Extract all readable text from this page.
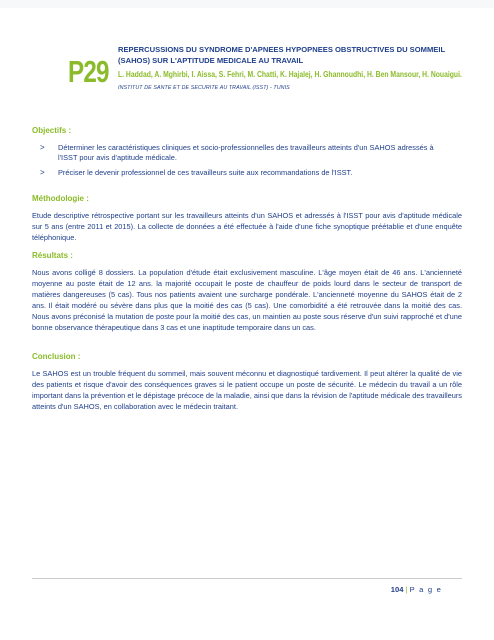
P29
REPERCUSSIONS DU SYNDROME D'APNEES HYPOPNEES OBSTRUCTIVES DU SOMMEIL
(SAHOS) SUR L'APTITUDE MEDICALE AU TRAVAIL
L. Haddad, A. Mghirbi, I. Aissa, S. Fehri, M. Chatti, K. Hajalej, H. Ghannoudhi, H. Ben Mansour, H. Nouaigui.
INSTITUT DE SANTE ET DE SECURITE AU TRAVAIL (ISST) - TUNIS
Objectifs :
> Déterminer les caractéristiques cliniques et socio-professionnelles des travailleurs atteints d'un SAHOS adressés à l'ISST pour avis d'aptitude médicale.
> Préciser le devenir professionnel de ces travailleurs suite aux recommandations de l'ISST.
Méthodologie :
Etude descriptive rétrospective portant sur les travailleurs atteints d'un SAHOS et adressés à l'ISST pour avis d'aptitude médicale sur 5 ans (entre 2011 et 2015). La collecte de données a été effectuée à l'aide d'une fiche synoptique préétablie et d'une enquête téléphonique.
Résultats :
Nous avons colligé 8 dossiers. La population d'étude était exclusivement masculine. L'âge moyen était de 46 ans. L'ancienneté moyenne au poste était de 12 ans. la majorité occupait le poste de chauffeur de poids lourd dans le secteur de transport de matières dangereuses (5 cas). Tous nos patients avaient une surcharge pondérale. L'ancienneté moyenne du SAHOS était de 2 ans. Il était modéré ou sévère dans plus que la moitié des cas (5 cas). Une comorbidité a été retrouvée dans la moitié des cas. Nous avons préconisé la mutation de poste pour la moitié des cas, un maintien au poste sous réserve d'un suivi rapproché et d'une bonne observance thérapeutique dans 3 cas et une inaptitude temporaire dans un cas.
Conclusion :
Le SAHOS est un trouble fréquent du sommeil, mais souvent méconnu et diagnostiqué tardivement. Il peut altérer la qualité de vie des patients et risque d'avoir des conséquences graves si le patient occupe un poste de sécurité. Le médecin du travail a un rôle important dans la prévention et le dépistage précoce de la maladie, ainsi que dans la révision de l'aptitude médicale des travailleurs atteints d'un SAHOS, en collaboration avec le médecin traitant.
104 | P a g e
